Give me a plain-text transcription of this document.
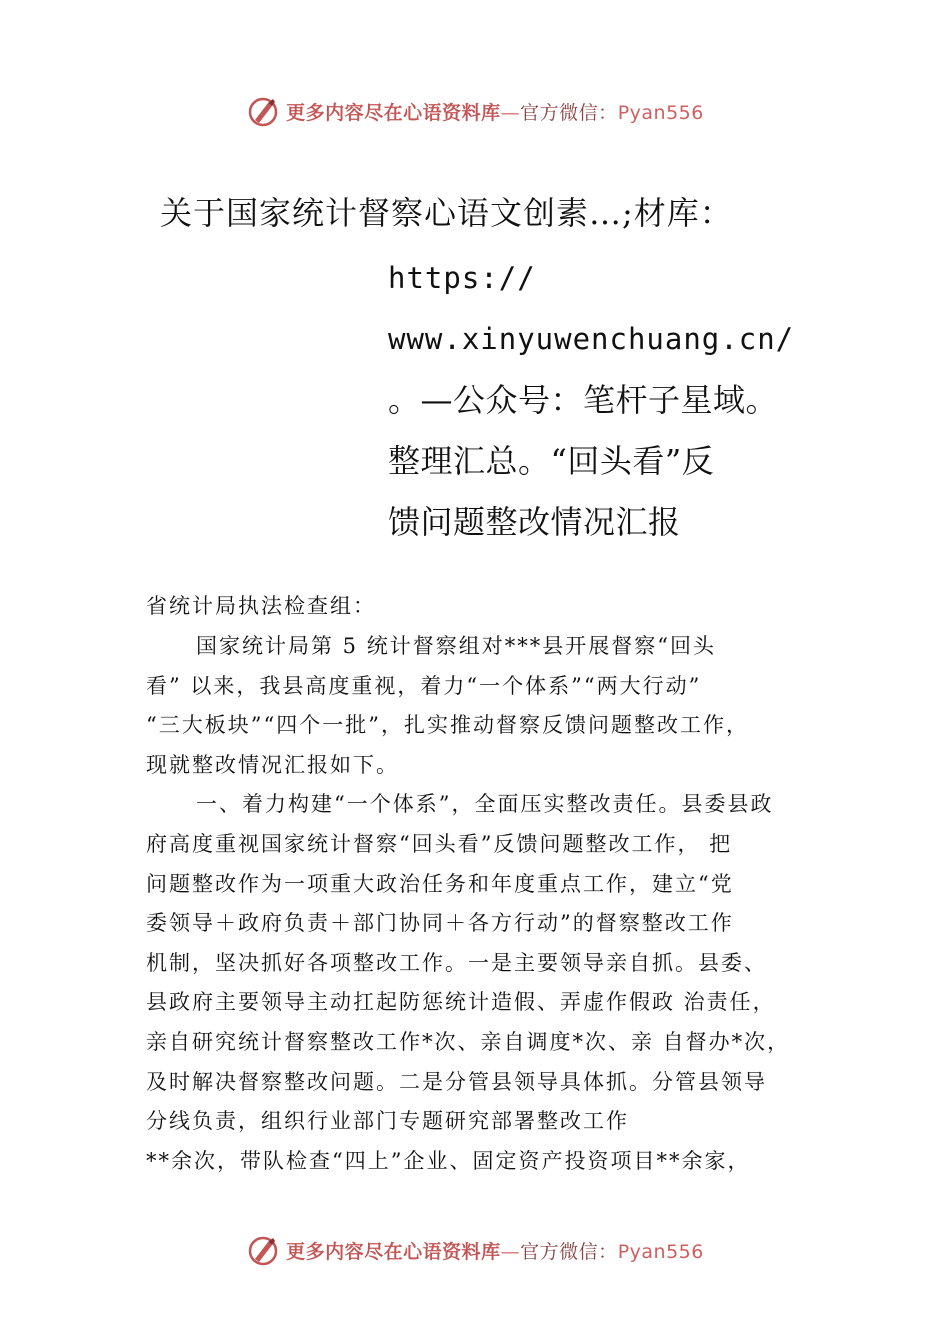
更多内容尽在心语资料库—官方微信：Pyan556
关于国家统计督察心语文创素…;材库：
https://
www.xinyuwenchuang.cn/
。—公众号：笔杆子星域。
整理汇总。“回头看”反
馈问题整改情况汇报
省统计局执法检查组：
国家统计局第 5 统计督察组对***县开展督察“回头
看” 以来，我县高度重视，着力“一个体系”“两大行动”
“三大板块”“四个一批”，扎实推动督察反馈问题整改工作，
现就整改情况汇报如下。
一、着力构建“一个体系”，全面压实整改责任。县委县政
府高度重视国家统计督察“回头看”反馈问题整改工作， 把
问题整改作为一项重大政治任务和年度重点工作，建立“党
委领导＋政府负责＋部门协同＋各方行动”的督察整改工作
机制，坚决抓好各项整改工作。一是主要领导亲自抓。县委、
县政府主要领导主动扛起防惩统计造假、弄虚作假政 治责任，
亲自研究统计督察整改工作*次、亲自调度*次、亲 自督办*次，
及时解决督察整改问题。二是分管县领导具体抓。分管县领导
分线负责，组织行业部门专题研究部署整改工作
**余次，带队检查“四上”企业、固定资产投资项目**余家，
更多内容尽在心语资料库—官方微信：Pyan556
